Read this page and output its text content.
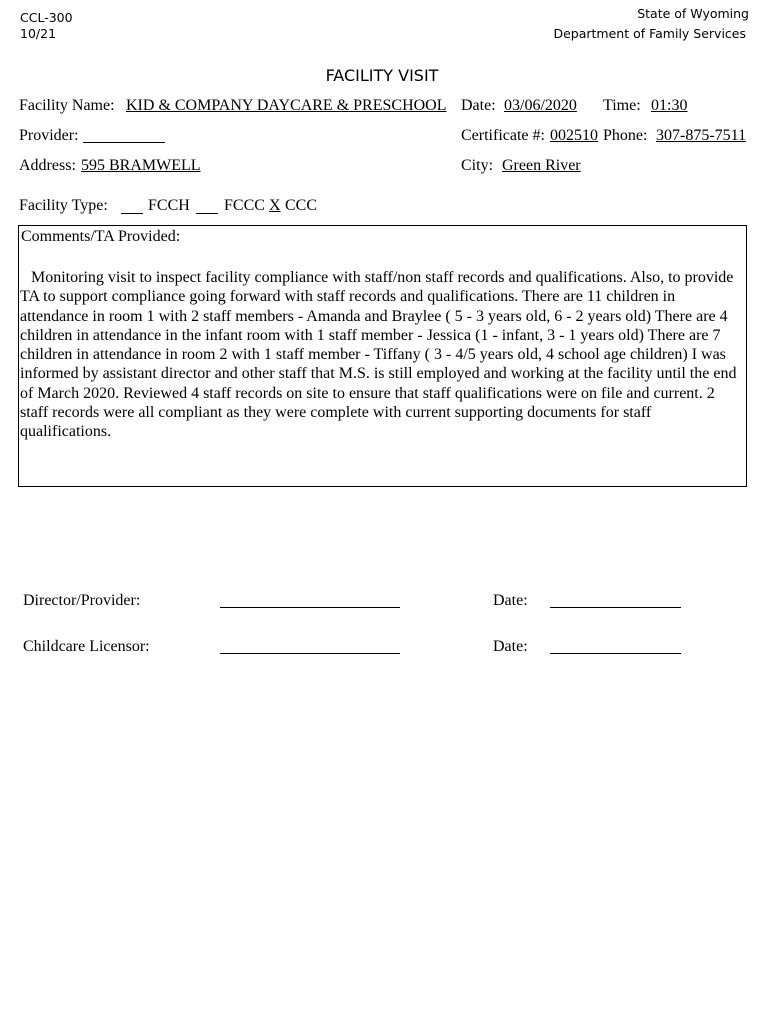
CCL-300
10/21
State of Wyoming
Department of Family Services
FACILITY VISIT
Facility Name: KID & COMPANY DAYCARE & PRESCHOOL Date: 03/06/2020 Time: 01:30
Provider:	Certificate #: 002510 Phone: 307-875-7511
Address: 595 BRAMWELL	City: Green River
Facility Type:	FCCH FCCC X CCC
Comments/TA Provided:
Monitoring visit to inspect facility compliance with staff/non staff records and qualifications. Also, to provide TA to support compliance going forward with staff records and qualifications. There are 11 children in attendance in room 1 with 2 staff members - Amanda and Braylee ( 5 - 3 years old, 6 - 2 years old) There are 4 children in attendance in the infant room with 1 staff member - Jessica (1 - infant, 3 - 1 years old) There are 7 children in attendance in room 2 with 1 staff member - Tiffany ( 3 - 4/5 years old, 4 school age children) I was informed by assistant director and other staff that M.S. is still employed and working at the facility until the end of March 2020. Reviewed 4 staff records on site to ensure that staff qualifications were on file and current. 2 staff records were all compliant as they were complete with current supporting documents for staff qualifications.
Director/Provider:	Date:
Childcare Licensor:	Date:
